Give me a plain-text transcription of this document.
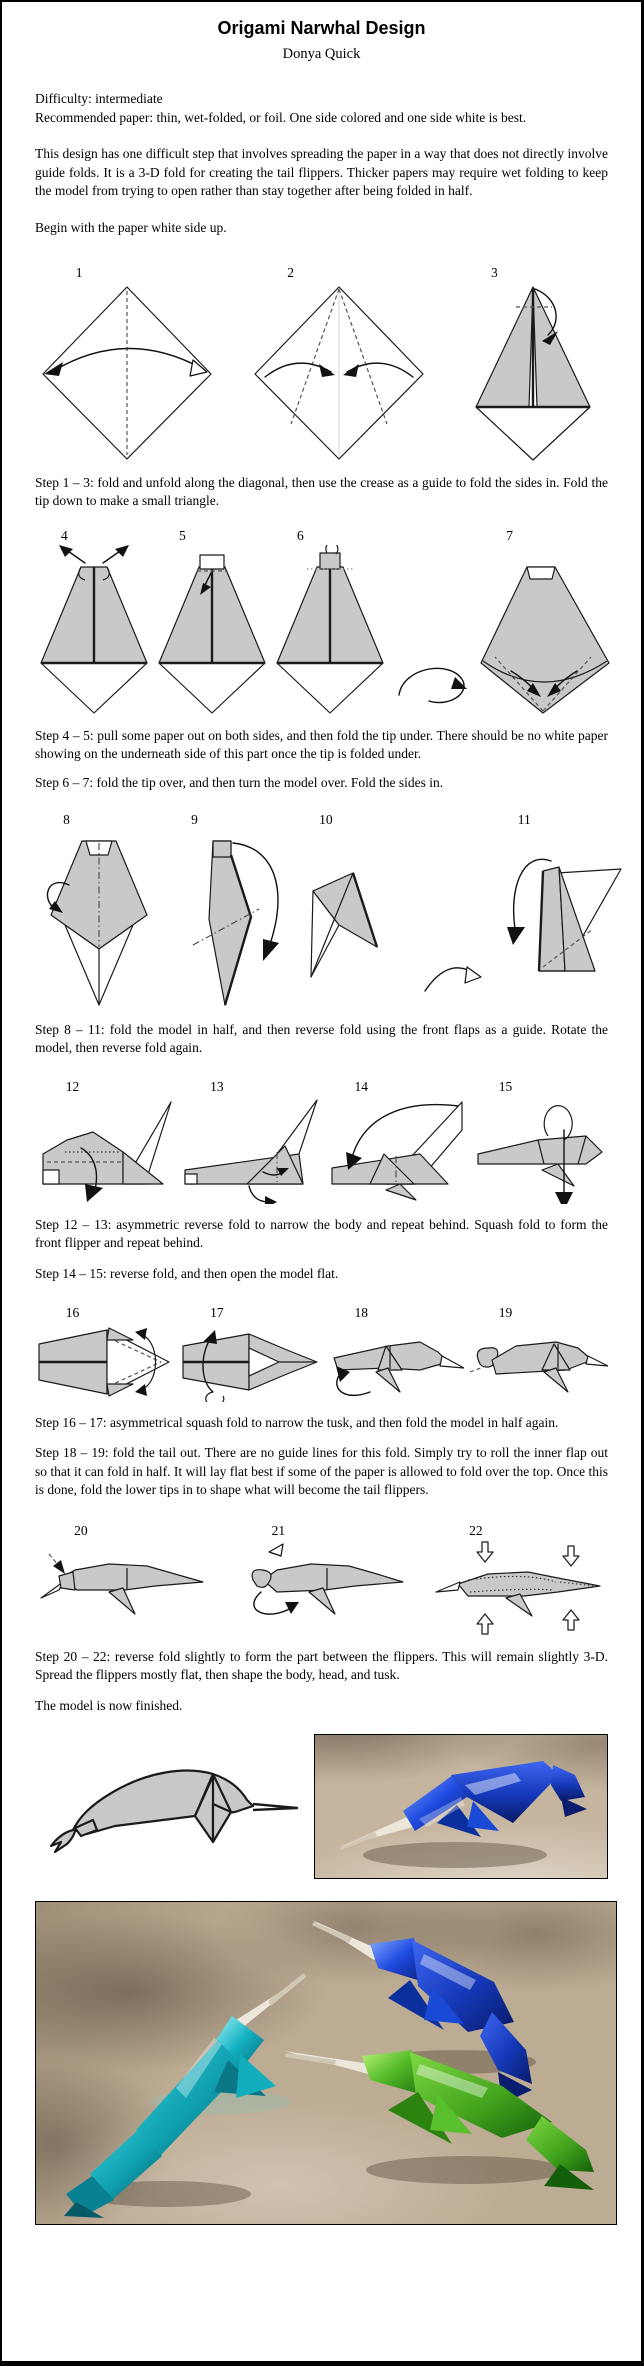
Origami Narwhal Design
Donya Quick

Difficulty: intermediate

Recommended paper: thin, wet-folded, or foil. One side colored and one side white is best.

This design has one difficult step that involves spreading the paper in a way that does not directly involve guide folds. It is a 3-D fold for creating the tail flippers. Thicker papers may require wet folding to keep the model from trying to open rather than stay together after being folded in half.

Begin with the paper white side up.

1	2	3

Step 1 – 3: fold and unfold along the diagonal, then use the crease as a guide to fold the sides in. Fold the tip down to make a small triangle.

4	5	6	7

Step 4 – 5: pull some paper out on both sides, and then fold the tip under. There should be no white paper showing on the underneath side of this part once the tip is folded under.

Step 6 – 7: fold the tip over, and then turn the model over. Fold the sides in.

8	9	10	11

Step 8 – 11: fold the model in half, and then reverse fold using the front flaps as a guide. Rotate the model, then reverse fold again.

12	13	14	15

Step 12 – 13: asymmetric reverse fold to narrow the body and repeat behind. Squash fold to form the front flipper and repeat behind.

Step 14 – 15: reverse fold, and then open the model flat.

16	17	18	19

Step 16 – 17: asymmetrical squash fold to narrow the tusk, and then fold the model in half again.

Step 18 – 19: fold the tail out. There are no guide lines for this fold. Simply try to roll the inner flap out so that it can fold in half. It will lay flat best if some of the paper is allowed to fold over the top. Once this is done, fold the lower tips in to shape what will become the tail flippers.

20	21	22

Step 20 – 22: reverse fold slightly to form the part between the flippers. This will remain slightly 3-D. Spread the flippers mostly flat, then shape the body, head, and tusk.

The model is now finished.
